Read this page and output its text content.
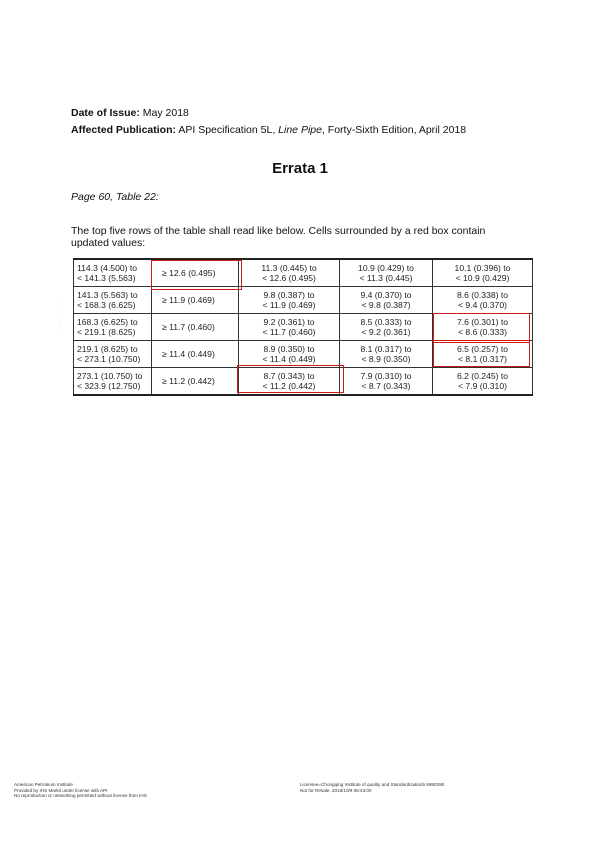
Date of Issue: May 2018
Affected Publication: API Specification 5L, Line Pipe, Forty-Sixth Edition, April 2018
Errata 1
Page 60, Table 22:
The top five rows of the table shall read like below. Cells surrounded by a red box contain updated values:
·
·
·
·
·
·
114.3 (4.500) to
< 141.3 (5.563)	≥ 12.6 (0.495)	11.3 (0.445) to
< 12.6 (0.495)	10.9 (0.429) to
< 11.3 (0.445)	10.1 (0.396) to
< 10.9 (0.429)

141.3 (5.563) to
< 168.3 (6.625)	≥ 11.9 (0.469)	9.8 (0.387) to
< 11.9 (0.469)	9.4 (0.370) to
< 9.8 (0.387)	8.6 (0.338) to
< 9.4 (0.370)

168.3 (6.625) to
< 219.1 (8.625)	≥ 11.7 (0.460)	9.2 (0.361) to
< 11.7 (0.460)	8.5 (0.333) to
< 9.2 (0.361)	7.6 (0.301) to
< 8.6 (0.333)

219.1 (8.625) to
< 273.1 (10.750)	≥ 11.4 (0.449)	8.9 (0.350) to
< 11.4 (0.449)	8.1 (0.317) to
< 8.9 (0.350)	6.5 (0.257) to
< 8.1 (0.317)

273.1 (10.750) to
< 323.9 (12.750)	≥ 11.2 (0.442)	8.7 (0.343) to
< 11.2 (0.442)	7.9 (0.310) to
< 8.7 (0.343)	6.2 (0.245) to
< 7.9 (0.310)
American Petroleum Institute
Provided by IHS Markit under license with API
No reproduction or networking permitted without license from IHS
Licensee=Chongqing Institute of quality and Standardizationb 5990390
Not for Resale, 2018/10/9 08:43:00
